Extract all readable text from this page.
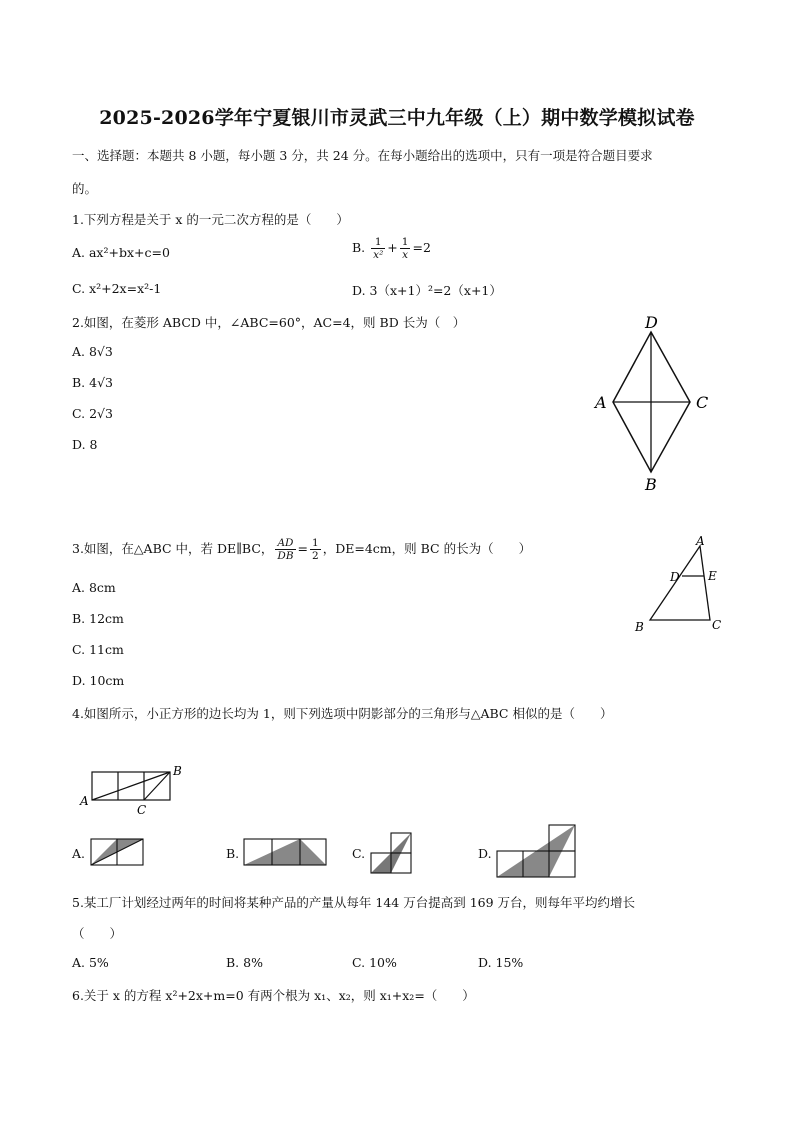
2025-2026学年宁夏银川市灵武三中九年级（上）期中数学模拟试卷
一、选择题：本题共 8 小题，每小题 3 分，共 24 分。在每小题给出的选项中，只有一项是符合题目要求
的。
1.下列方程是关于 x 的一元二次方程的是（　　）
A. ax²+bx+c=0	B. $\frac{1}{\text{x²}} + \frac{1}{x} =2$
C. x²+2x=x²-1	D. 3（x+1）²=2（x+1）
2.如图，在菱形 ABCD 中，∠ABC=60°，AC=4，则 BD 长为（　）
A. 8√3
B. 4√3
C. 2√3
D. 8
D
A	C
B
3.如图，在△ABC 中，若 DE∥BC， $\frac{AD}{DB} = \frac{1}{2}$ ，DE=4cm，则 BC 的长为（　　）
A. 8cm
B. 12cm
C. 11cm
D. 10cm
A
D E
B	C
4.如图所示，小正方形的边长均为 1，则下列选项中阴影部分的三角形与△ABC 相似的是（　　）
A
B
C
A.	B.	C.	D.
5.某工厂计划经过两年的时间将某种产品的产量从每年 144 万台提高到 169 万台，则每年平均约增长
（　　）
A. 5%	B. 8%	C. 10%	D. 15%
6.关于 x 的方程 x²+2x+m=0 有两个根为 x₁、x₂，则 x₁+x₂=（　　）
